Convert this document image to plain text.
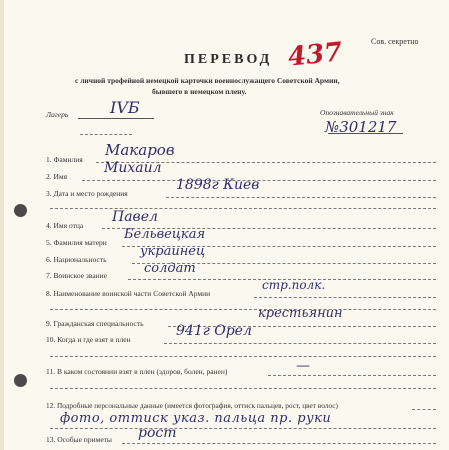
Сов. секретно
ПЕРЕВОД 437
с личной трофейной немецкой карточки военнослужащего Советской Армии,
бывшего в немецком плену.
Лагерь	IVБ	Опознавательный знак
№301217
1. Фамилия
Макаров
2. Имя
Михаил
3. Дата и место рождения
1898г Киев
4. Имя отца
Павел
5. Фамилия матери
Бельвецкая
6. Национальность
украинец
7. Воинское звание	солдат
8. Наименование воинской части Советской Армии
стр.полк.
9. Гражданская специальность
крестьянин
10. Когда и где взят в плен
941г Орел
11. В каком состоянии взят в плен (здоров, болен, ранен)	—
12. Подробные персональные данные (имеется фотография, оттиск пальцев, рост, цвет волос)
фото, оттиск указ. пальца пр. руки
13. Особые приметы рост
